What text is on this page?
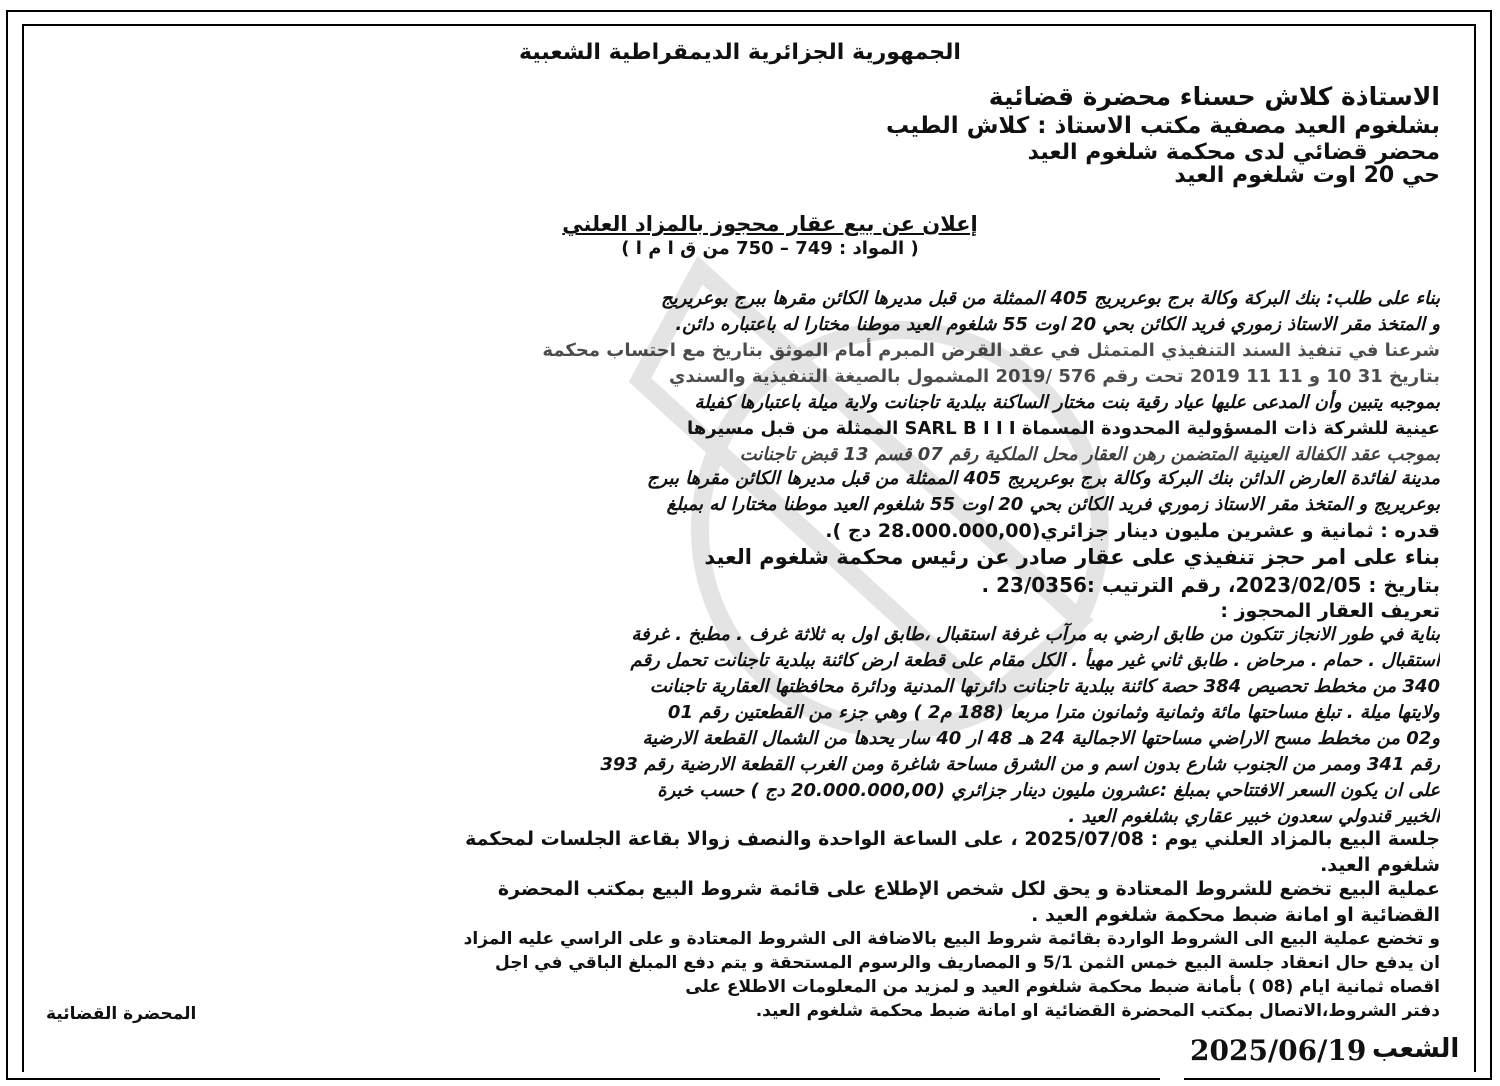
الجمهورية الجزائرية الديمقراطية الشعبية
الاستاذة كلاش حسناء محضرة قضائية
بشلغوم العيد مصفية مكتب الاستاذ : كلاش الطيب
محضر قضائي لدى محكمة شلغوم العيد
حي 20 اوت شلغوم العيد
إعلان عن بيع عقار محجوز بالمزاد العلني
( المواد : 749 – 750 من ق ا م ا )
بناء على طلب: بنك البركة وكالة برج بوعريريج 405 الممثلة من قبل مديرها الكائن مقرها ببرج بوعريريج
و المتخذ مقر الاستاذ زموري فريد الكائن بحي 20 اوت 55 شلغوم العيد موطنا مختارا له باعتباره دائن.
شرعنا في تنفيذ السند التنفيذي المتمثل في عقد القرض المبرم أمام الموثق بتاريخ مع احتساب محكمة
بتاريخ 31 10 و 11 11 2019 تحت رقم 576 /2019 المشمول بالصيغة التنفيذية والسندي
بموجبه يتبين وأن المدعى عليها عياد رقية بنت مختار الساكنة ببلدية تاجنانت ولاية ميلة باعتبارها كفيلة
عينية للشركة ذات المسؤولية المحدودة المسماة SARL B I I I الممثلة من قبل مسيرها
بموجب عقد الكفالة العينية المتضمن رهن العقار محل الملكية رقم 07 قسم 13 قبض تاجنانت
مدينة لفائدة العارض الدائن بنك البركة وكالة برج بوعريريج 405 الممثلة من قبل مديرها الكائن مقرها ببرج
بوعريريج و المتخذ مقر الاستاذ زموري فريد الكائن بحي 20 اوت 55 شلغوم العيد موطنا مختارا له بمبلغ
قدره : ثمانية و عشرين مليون دينار جزائري(28.000.000,00 دج ).
بناء على امر حجز تنفيذي على عقار صادر عن رئيس محكمة شلغوم العيد
بتاريخ : 2023/02/05، رقم الترتيب :23/0356 .
تعريف العقار المحجوز :
بناية في طور الانجاز تتكون من طابق ارضي به مرآب غرفة استقبال ،طابق اول به ثلاثة غرف . مطبخ . غرفة
استقبال . حمام . مرحاض . طابق ثاني غير مهيأ . الكل مقام على قطعة ارض كائنة ببلدية تاجنانت تحمل رقم
340 من مخطط تحصيص 384 حصة كائنة ببلدية تاجنانت دائرتها المدنية ودائرة محافظتها العقارية تاجنانت
ولايتها ميلة . تبلغ مساحتها مائة وثمانية وثمانون مترا مربعا (188 م2 ) وهي جزء من القطعتين رقم 01
و02 من مخطط مسح الاراضي مساحتها الاجمالية 24 هـ 48 ار 40 سار يحدها من الشمال القطعة الارضية
رقم 341 وممر من الجنوب شارع بدون اسم و من الشرق مساحة شاغرة ومن الغرب القطعة الارضية رقم 393
على ان يكون السعر الافتتاحي بمبلغ :عشرون مليون دينار جزائري (20.000.000,00 دج ) حسب خبرة
الخبير قندولي سعدون خبير عقاري بشلغوم العيد .
جلسة البيع بالمزاد العلني يوم : 2025/07/08 ، على الساعة الواحدة والنصف زوالا بقاعة الجلسات لمحكمة
شلغوم العيد.
عملية البيع تخضع للشروط المعتادة و يحق لكل شخص الإطلاع على قائمة شروط البيع بمكتب المحضرة
القضائية او امانة ضبط محكمة شلغوم العيد .
و تخضع عملية البيع الى الشروط الواردة بقائمة شروط البيع بالاضافة الى الشروط المعتادة و على الراسي عليه المزاد
ان يدفع حال انعقاد جلسة البيع خمس الثمن 5/1 و المصاريف والرسوم المستحقة و يتم دفع المبلغ الباقي في اجل
اقصاه ثمانية ايام (08 ) بأمانة ضبط محكمة شلغوم العيد و لمزيد من المعلومات الاطلاع على
دفتر الشروط،الاتصال بمكتب المحضرة القضائية او امانة ضبط محكمة شلغوم العيد.
المحضرة القضائية
2025/06/19 الشعب
